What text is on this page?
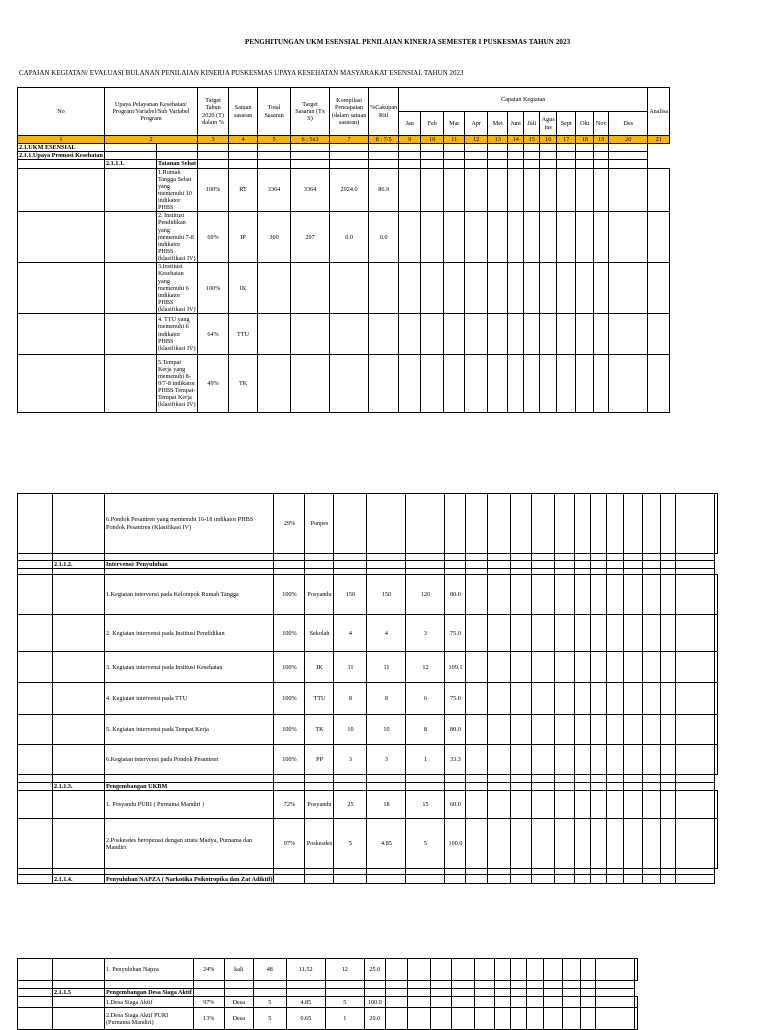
PENGHITUNGAN UKM ESENSIAL PENILAIAN KINERJA SEMESTER I PUSKESMAS TAHUN 2023
CAPAIAN KEGIATAN/ EVALUASI BULANAN PENILAIAN KINERJA PUSKESMAS UPAYA KESEHATAN MASYARAKAT ESENSIAL TAHUN 2023
No	Upaya Pelayanan Kesehatan/ Program/Variabel/Sub Variabel Program		Target Tahun 2020 (T) dalam %	Satuan sasaran	Total Sasaran	Target Sasaran (Tx S)	Kompilasi Pencapaian (dalam satuan sasaran)	%Cakupan Riil	Capaian Kegiatan												Analisa
									Jan	Feb	Mar	Apr	Mei	Juni	Juli	Agus tus	Sept	Okt	Nov	Des	
1	2		3	4	5	6 : 5x3	7	8 : 7/5	9	10	11	12	13	14	15	16	17	18	19	20	21
2.1.UKM ESENSIAL																					
2.1.1.Upaya Promosi Kesehatan																					
	2.1.1.1.	Tatanan Sehat																			
		1.Rumah Tangga Sehat yang memenuhi 10 indikator PHBS	100%	RT	3364	3364	2924.0	86.9													
		2. Institusi Pendidikan yang memenuhi 7-8 indikator PHBS (klasifikasi IV)	69%	IP	300	207	0.0	0.0													
		3.Institusi Kesehatan yang memenuhi 6 indikator PHBS (klasifikasi IV)	100%	IK																	
		4. TTU yang memenuhi 6 indikator PHBS (klasifikasi IV)	64%	TTU																	
		5.Tempat Kerja yang memenuhi 8-9/7-8 indikator PHBS Tempat-Tempat Kerja (klasifikasi IV)	49%	TK																	
		6.Pondok Pesantren yang memenuhi 16-18 indikator PHBS Pondok Pesantren (Klasifikasi IV)	29%	Ponpes																	

	2.1.1.2.	Intervensi/ Penyuluhan																			

		1.Kegiatan intervensi pada Kelompok Rumah Tangga	100%	Posyandu	150	150	120	80.0													
		2. Kegiatan intervensi pada Institusi Pendidikan	100%	Sekolah	4	4	3	75.0													
		3. Kegiatan intervensi pada Institusi Kesehatan	100%	IK	11	11	12	109.1													
		4. Kegiatan intervensi pada TTU	100%	TTU	8	8	6	75.0													
		5. Kegiatan intervensi pada Tempat Kerja	100%	TK	10	10	8	80.0													
		6.Kegiatan intervensi pada Pondok Pesantren	100%	PP	3	3	1	33.3													

	2.1.1.3.	Pengembangan UKBM																			
		1. Posyandu PURI ( Purnama Mandiri )	72%	Posyandu	25	18	15	60.0													
		2.Poskesdes beroperasi dengan strata Madya, Purnama dan Mandiri	97%	Poskesdes	5	4.85	5	100.0													

	2.1.1.4.	Penyuluhan NAPZA ( Narkotika Psikotropika dan Zat Adiktif)																			
		1. Penyuluhan Napza	24%	kali	48	11.52	12	25.0													

	2.1.1.5	Pengembangan Desa Siaga Aktif																			
		1.Desa Siaga Aktif	97%	Desa	5	4.85	5	100.0													
		2.Desa Siaga Aktif PURI (Purnama Mandiri)	13%	Desa	5	0.65	1	20.0													
